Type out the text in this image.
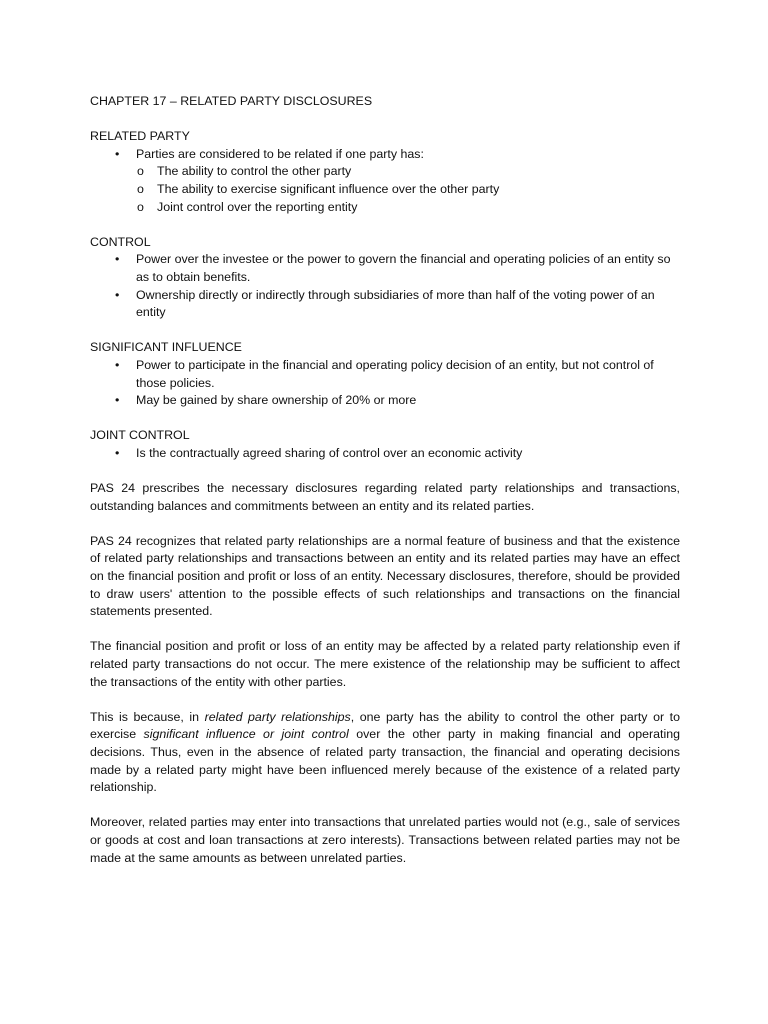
CHAPTER 17 – RELATED PARTY DISCLOSURES
RELATED PARTY
• Parties are considered to be related if one party has:
o The ability to control the other party
o The ability to exercise significant influence over the other party
o Joint control over the reporting entity
CONTROL
• Power over the investee or the power to govern the financial and operating policies of an entity so as to obtain benefits.
• Ownership directly or indirectly through subsidiaries of more than half of the voting power of an entity
SIGNIFICANT INFLUENCE
• Power to participate in the financial and operating policy decision of an entity, but not control of those policies.
• May be gained by share ownership of 20% or more
JOINT CONTROL
• Is the contractually agreed sharing of control over an economic activity

PAS 24 prescribes the necessary disclosures regarding related party relationships and transactions, outstanding balances and commitments between an entity and its related parties.

PAS 24 recognizes that related party relationships are a normal feature of business and that the existence of related party relationships and transactions between an entity and its related parties may have an effect on the financial position and profit or loss of an entity. Necessary disclosures, therefore, should be provided to draw users' attention to the possible effects of such relationships and transactions on the financial statements presented.

The financial position and profit or loss of an entity may be affected by a related party relationship even if related party transactions do not occur. The mere existence of the relationship may be sufficient to affect the transactions of the entity with other parties.

This is because, in related party relationships, one party has the ability to control the other party or to exercise significant influence or joint control over the other party in making financial and operating decisions. Thus, even in the absence of related party transaction, the financial and operating decisions made by a related party might have been influenced merely because of the existence of a related party relationship.

Moreover, related parties may enter into transactions that unrelated parties would not (e.g., sale of services or goods at cost and loan transactions at zero interests). Transactions between related parties may not be made at the same amounts as between unrelated parties.
